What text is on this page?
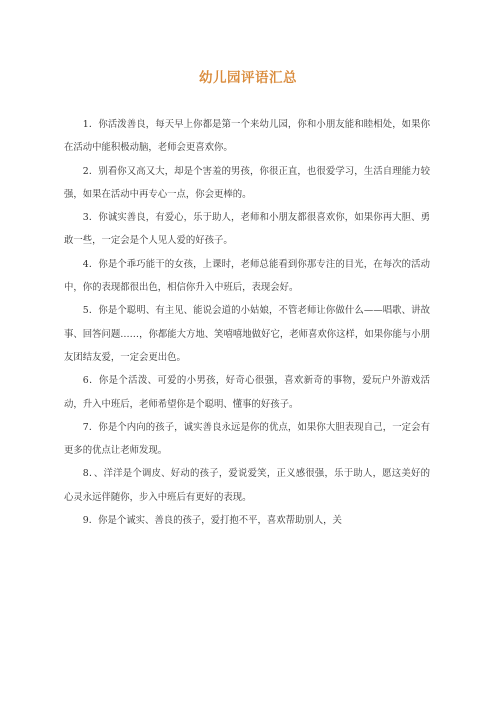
幼儿园评语汇总

1．你活泼善良，每天早上你都是第一个来幼儿园，你和小朋友能和睦相处，如果你在活动中能积极动脑，老师会更喜欢你。

2．别看你又高又大，却是个害羞的男孩，你很正直，也很爱学习，生活自理能力较强，如果在活动中再专心一点，你会更棒的。

3．你诚实善良，有爱心，乐于助人，老师和小朋友都很喜欢你，如果你再大胆、勇敢一些，一定会是个人见人爱的好孩子。

4．你是个乖巧能干的女孩，上课时，老师总能看到你那专注的目光，在每次的活动中，你的表现都很出色，相信你升入中班后，表现会好。

5．你是个聪明、有主见、能说会道的小姑娘，不管老师让你做什么——唱歌、讲故事、回答问题……，你都能大方地、笑嘻嘻地做好它，老师喜欢你这样，如果你能与小朋友团结友爱，一定会更出色。

6．你是个活泼、可爱的小男孩，好奇心很强，喜欢新奇的事物，爱玩户外游戏活动，升入中班后，老师希望你是个聪明、懂事的好孩子。

7．你是个内向的孩子，诚实善良永远是你的优点，如果你大胆表现自己，一定会有更多的优点让老师发现。

8．、洋洋是个调皮、好动的孩子，爱说爱笑，正义感很强，乐于助人，愿这美好的心灵永远伴随你，步入中班后有更好的表现。

9．你是个诚实、善良的孩子，爱打抱不平，喜欢帮助别人，关
